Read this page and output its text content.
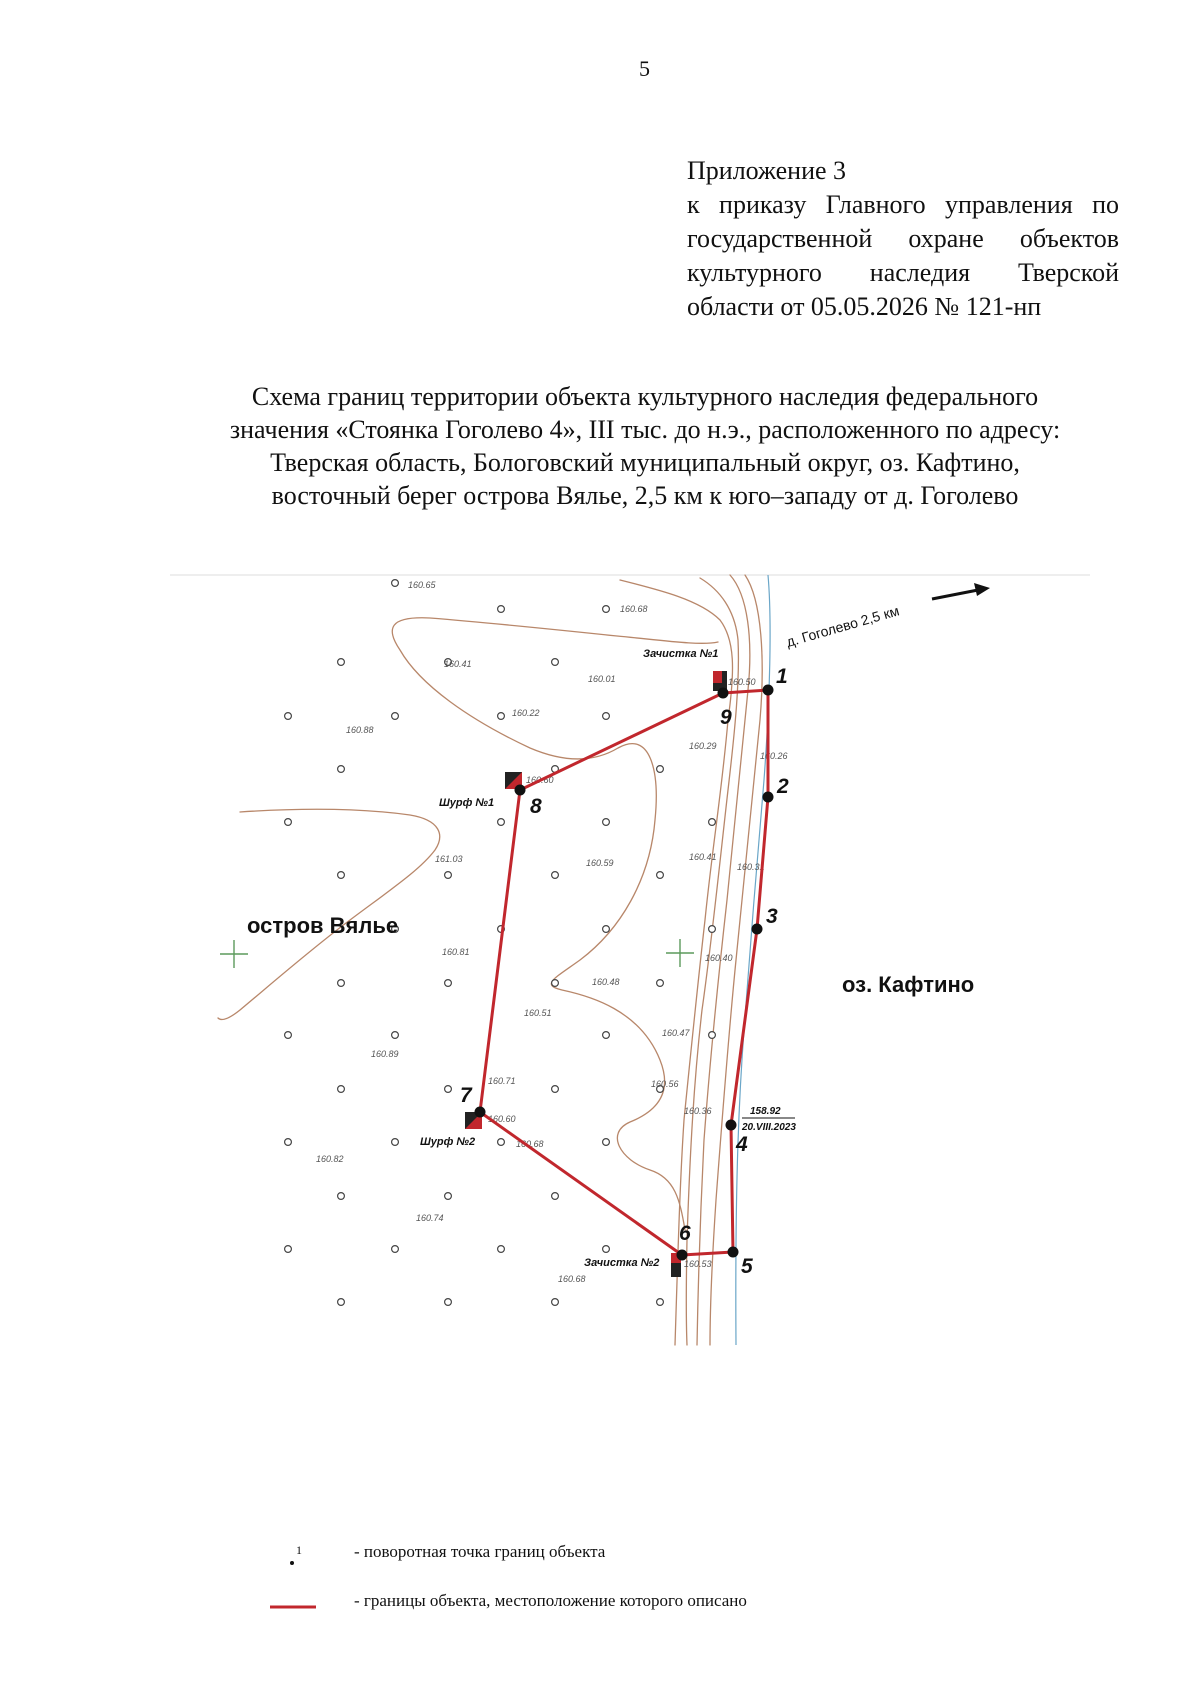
5
Приложение 3
к приказу Главного управления по
государственной охране объектов
культурного наследия Тверской
области от 05.05.2026 № 121-нп
Схема границ территории объекта культурного наследия федерального
значения «Стоянка Гоголево 4», III тыс. до н.э., расположенного по адресу:
Тверская область, Бологовский муниципальный округ, оз. Кафтино,
восточный берег острова Вялье, 2,5 км к юго–западу от д. Гоголево
д. Гоголево 2,5 км
остров Вялье
оз. Кафтино
Зачистка №1
Шурф №1
Шурф №2
Зачистка №2
160.65
160.68
160.41
160.01	160.50
160.22
160.88
160.29
160.26
160.60
160.41
161.03	160.59	160.31
160.81
160.40
160.48
160.51
160.47
160.89
160.71	160.56
160.36
160.60
160.68
160.82
160.74
160.53
160.68
1
2
3
4
5
6
7
8
9
158.92
20.VIII.2023
1	- поворотная точка границ объекта
- границы объекта, местоположение которого описано
